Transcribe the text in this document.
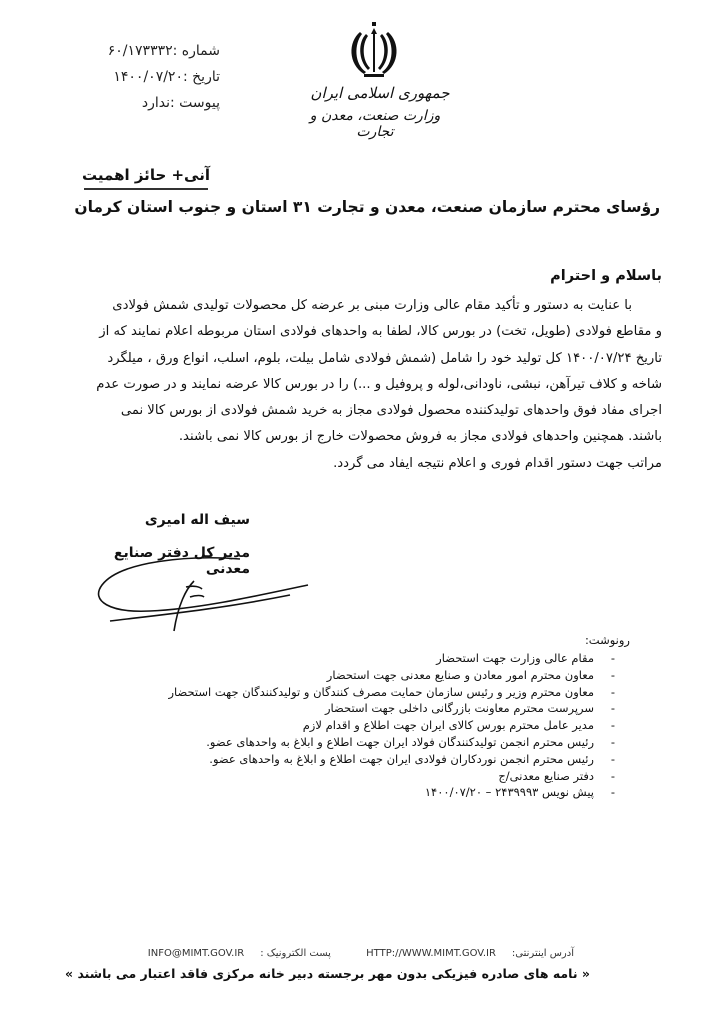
شماره :۶۰/۱۷۳۳۳۲
تاریخ :۱۴۰۰/۰۷/۲۰
پیوست :ندارد
جمهوری اسلامی ایران
وزارت صنعت، معدن و تجارت
آنی+ حائز اهمیت
رؤسای محترم سازمان صنعت، معدن و تجارت ۳۱ استان و جنوب استان کرمان
باسلام و احترام
با عنایت به دستور و تأکید مقام عالی وزارت مبنی بر عرضه کل محصولات تولیدی شمش فولادی
و مقاطع فولادی (طویل، تخت) در بورس کالا، لطفا به واحدهای فولادی استان مربوطه اعلام نمایند که از
تاریخ ۱۴۰۰/۰۷/۲۴ کل تولید خود را شامل (شمش فولادی شامل بیلت، بلوم، اسلب، انواع ورق ، میلگرد
شاخه و کلاف تیرآهن، نبشی، ناودانی،لوله و پروفیل و ...) را در بورس کالا عرضه نمایند و در صورت عدم
اجرای مفاد فوق واحدهای تولیدکننده محصول فولادی مجاز به خرید شمش فولادی از بورس کالا نمی
باشند. همچنین واحدهای فولادی مجاز به فروش محصولات خارج از بورس کالا نمی باشند.
مراتب جهت دستور اقدام فوری و اعلام نتیجه ایفاد می گردد.
سیف اله امیری
مدیر کل دفتر صنایع معدنی
رونوشت:
-
مقام عالی وزارت جهت استحضار
-
معاون محترم امور معادن و صنایع معدنی جهت استحضار
-
معاون محترم وزیر و رئیس سازمان حمایت مصرف کنندگان و تولیدکنندگان جهت استحضار
-
سرپرست محترم معاونت بازرگانی داخلی جهت استحضار
-
مدیر عامل محترم بورس کالای ایران جهت اطلاع و اقدام لازم
-
رئیس محترم انجمن تولیدکنندگان فولاد ایران جهت اطلاع و ابلاغ به واحدهای عضو.
-
رئیس محترم انجمن نوردکاران فولادی ایران جهت اطلاع و ابلاغ به واحدهای عضو.
-
دفتر صنایع معدنی/ج
-
پیش نویس ۲۴۳۹۹۹۳ – ۱۴۰۰/۰۷/۲۰
آدرس اینترنتی:HTTP://WWW.MIMT.GOV.IR پست الکترونیک :INFO@MIMT.GOV.IR
« نامه های صادره فیزیکی بدون مهر برجسته دبیر خانه مرکزی فاقد اعتبار می باشند »
